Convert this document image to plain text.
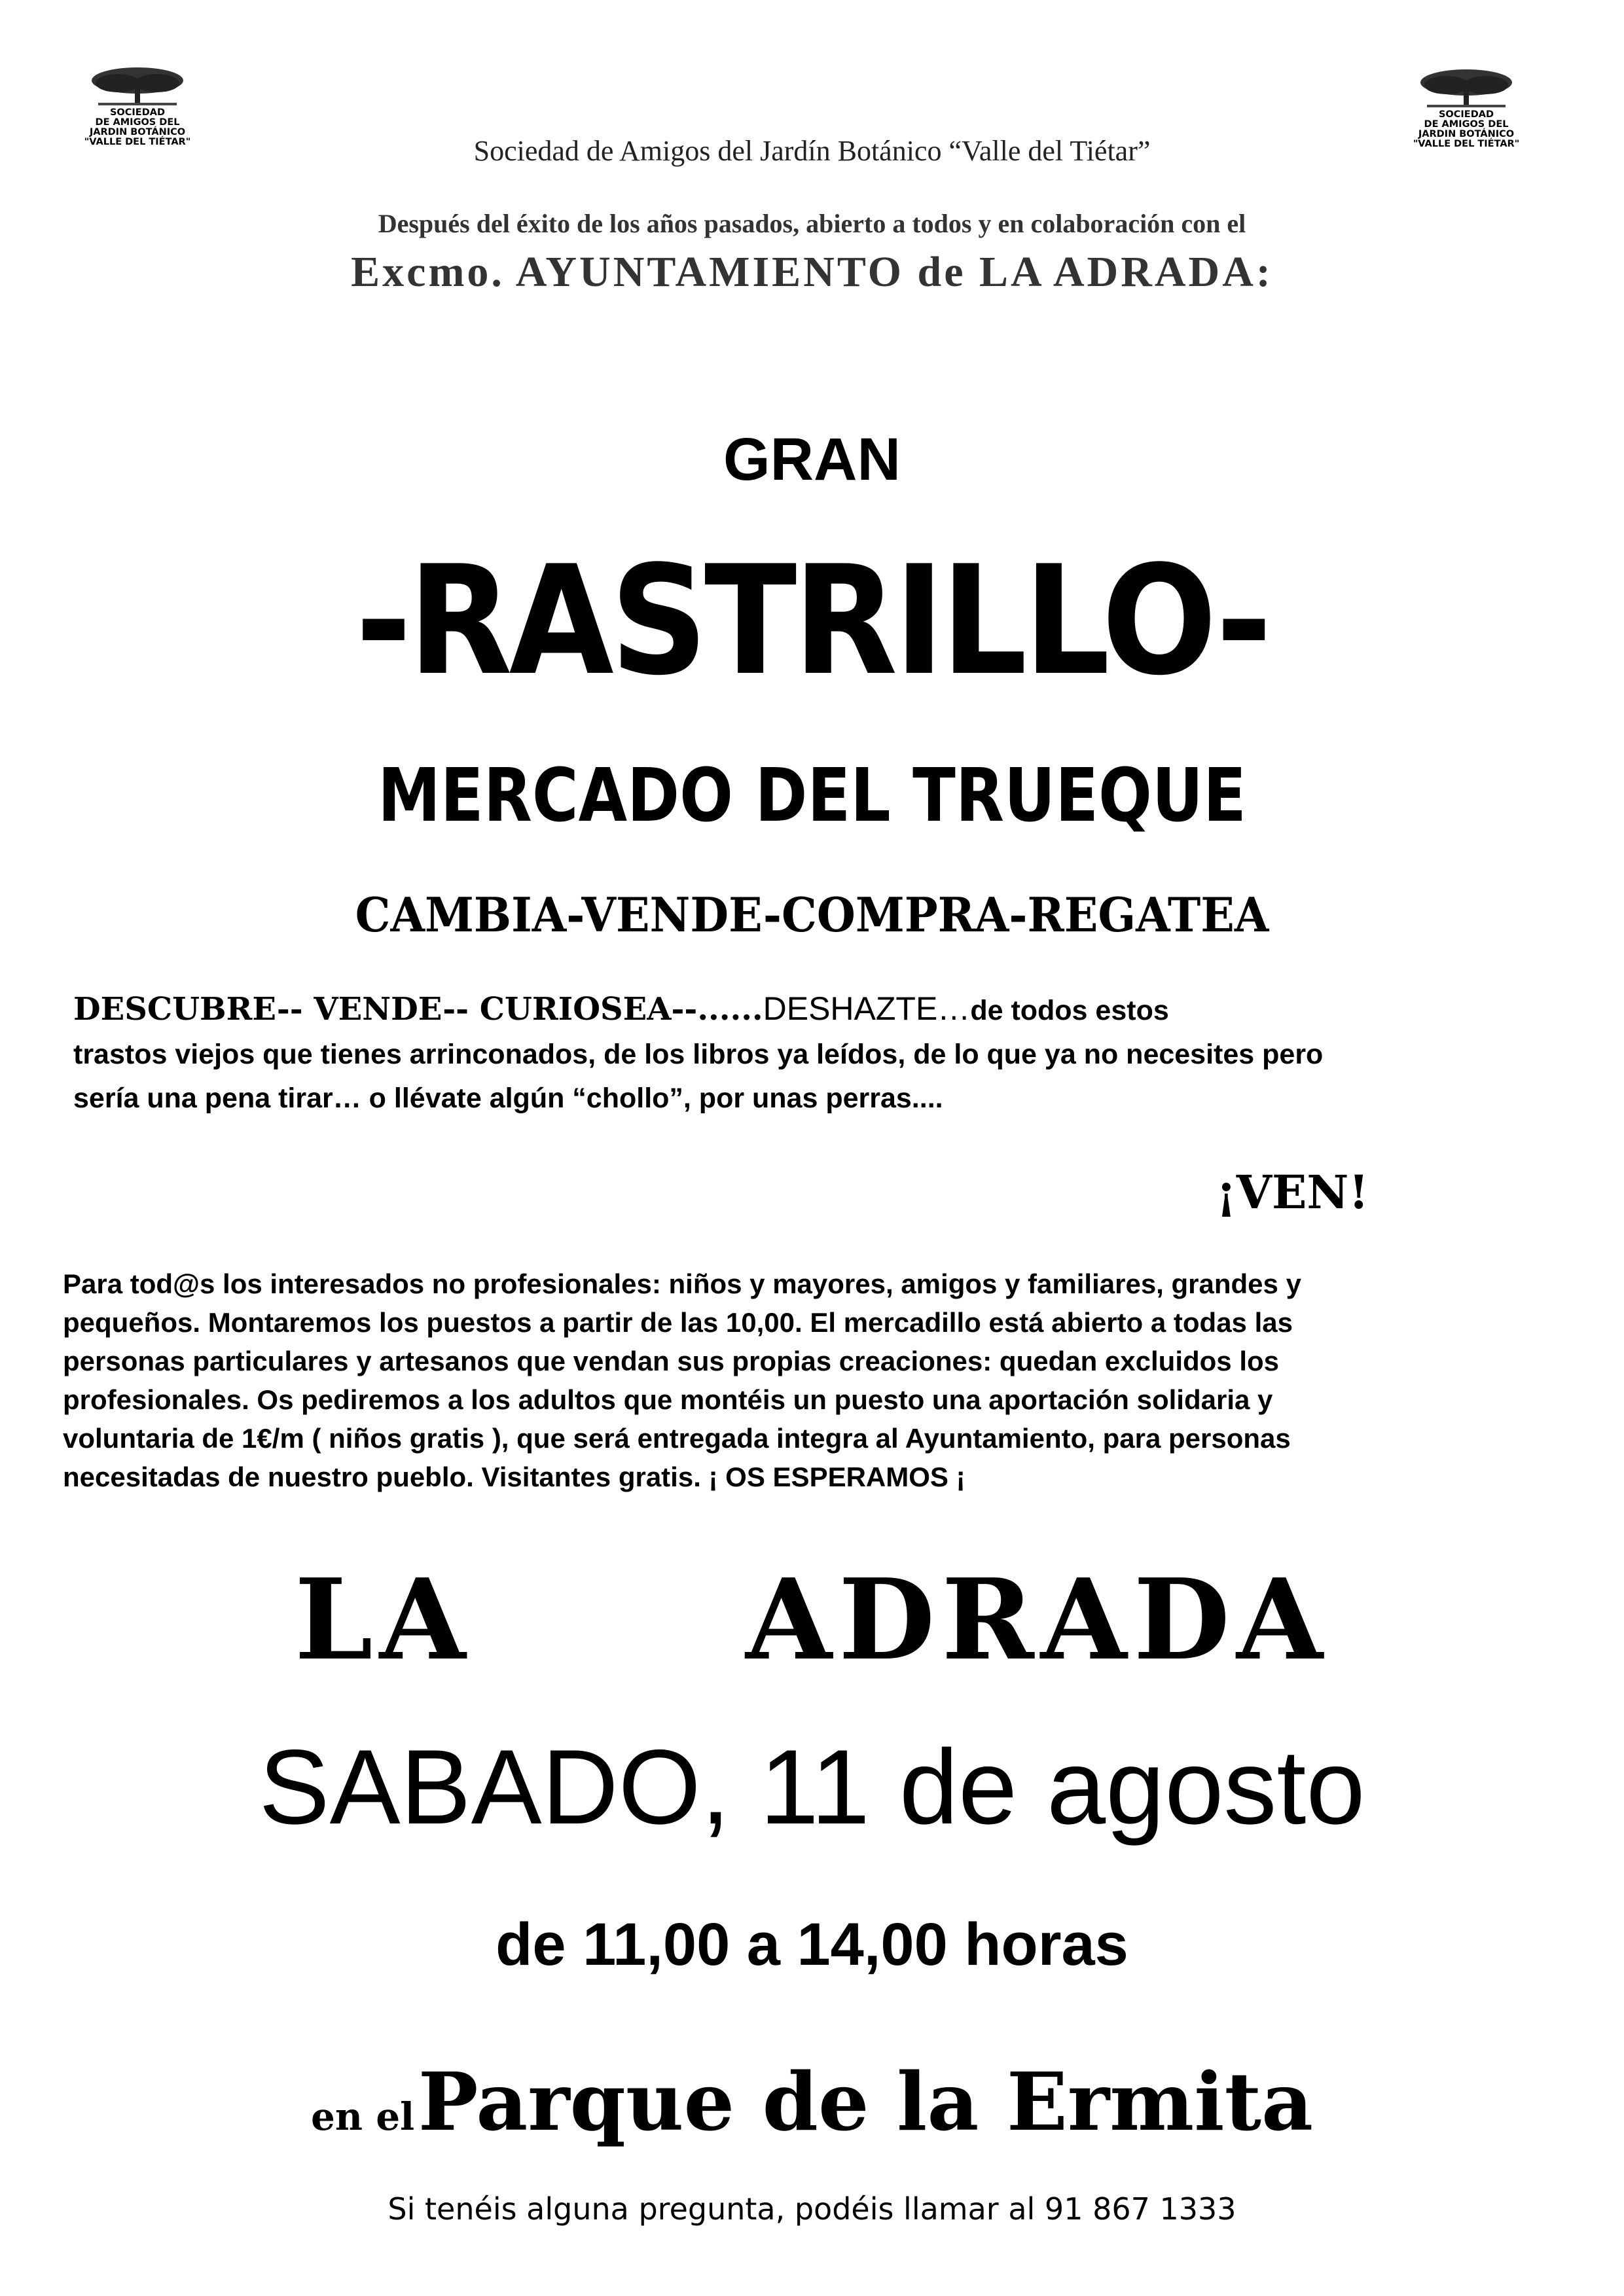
SOCIEDAD
DE AMIGOS DEL
JARDIN BOTÁNICO
"VALLE DEL TIÉTAR"
SOCIEDAD
DE AMIGOS DEL
JARDIN BOTÁNICO
"VALLE DEL TIÉTAR"
Sociedad de Amigos del Jardín Botánico “Valle del Tiétar”
Después del éxito de los años pasados, abierto a todos y en colaboración con el
Excmo. AYUNTAMIENTO de LA ADRADA:
GRAN
-RASTRILLO-
MERCADO DEL TRUEQUE
CAMBIA-VENDE-COMPRA-REGATEA
DESCUBRE-- VENDE-- CURIOSEA--......DESHAZTE…de todos estos
trastos viejos que tienes arrinconados, de los libros ya leídos, de lo que ya no necesites pero
sería una pena tirar… o llévate algún “chollo”, por unas perras....
¡VEN!
Para tod@s los interesados no profesionales: niños y mayores, amigos y familiares, grandes y
pequeños. Montaremos los puestos a partir de las 10,00. El mercadillo está abierto a todas las
personas particulares y artesanos que vendan sus propias creaciones: quedan excluidos los
profesionales. Os pediremos a los adultos que montéis un puesto una aportación solidaria y
voluntaria de 1€/m ( niños gratis ), que será entregada integra al Ayuntamiento, para personas
necesitadas de nuestro pueblo. Visitantes gratis. ¡ OS ESPERAMOS ¡
LA   ADRADA
SABADO, 11 de agosto
de 11,00 a 14,00 horas
en el Parque de la Ermita
Si tenéis alguna pregunta, podéis llamar al 91 867 1333
